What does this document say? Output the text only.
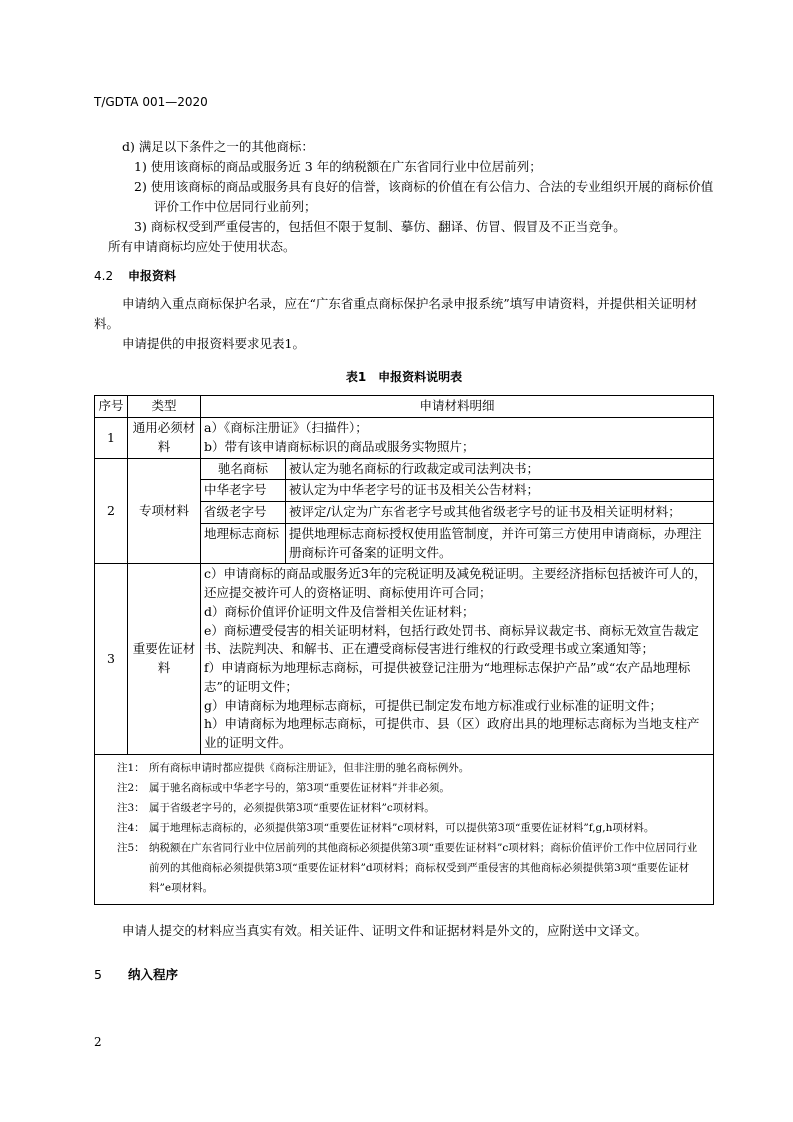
T/GDTA 001—2020

d) 满足以下条件之一的其他商标：

1) 使用该商标的商品或服务近 3 年的纳税额在广东省同行业中位居前列；

2) 使用该商标的商品或服务具有良好的信誉，该商标的价值在有公信力、合法的专业组织开展的商标价值评价工作中位居同行业前列；

3) 商标权受到严重侵害的，包括但不限于复制、摹仿、翻译、仿冒、假冒及不正当竞争。

所有申请商标均应处于使用状态。

4.2 申报资料

申请纳入重点商标保护名录，应在“广东省重点商标保护名录申报系统”填写申请资料，并提供相关证明材料。

申请提供的申报资料要求见表1。

表1　申报资料说明表
序号	类型	申请材料明细
1	通用必须材料	
a）《商标注册证》（扫描件）；
b）带有该申请商标标识的商品或服务实物照片；

2	专项材料	
驰名商标	被认定为驰名商标的行政裁定或司法判决书；
中华老字号	被认定为中华老字号的证书及相关公告材料；
省级老字号	被评定/认定为广东省老字号或其他省级老字号的证书及相关证明材料；
地理标志商标	提供地理标志商标授权使用监管制度，并许可第三方使用申请商标，办理注册商标许可备案的证明文件。

3	重要佐证材料	
c）申请商标的商品或服务近3年的完税证明及减免税证明。主要经济指标包括被许可人的，还应提交被许可人的资格证明、商标使用许可合同；
d）商标价值评价证明文件及信誉相关佐证材料；
e）商标遭受侵害的相关证明材料，包括行政处罚书、商标异议裁定书、商标无效宣告裁定书、法院判决、和解书、正在遭受商标侵害进行维权的行政受理书或立案通知等；
f）申请商标为地理标志商标，可提供被登记注册为“地理标志保护产品”或“农产品地理标志”的证明文件；
g）申请商标为地理标志商标，可提供已制定发布地方标准或行业标准的证明文件；
h）申请商标为地理标志商标，可提供市、县（区）政府出具的地理标志商标为当地支柱产业的证明文件。

注1： 所有商标申请时都应提供《商标注册证》，但非注册的驰名商标例外。
注2： 属于驰名商标或中华老字号的，第3项“重要佐证材料”并非必须。
注3： 属于省级老字号的，必须提供第3项“重要佐证材料”c项材料。
注4： 属于地理标志商标的，必须提供第3项“重要佐证材料”c项材料，可以提供第3项“重要佐证材料”f,g,h项材料。
注5： 纳税额在广东省同行业中位居前列的其他商标必须提供第3项“重要佐证材料”c项材料；商标价值评价工作中位居同行业前列的其他商标必须提供第3项“重要佐证材料”d项材料；商标权受到严重侵害的其他商标必须提供第3项“重要佐证材料”e项材料。

申请人提交的材料应当真实有效。相关证件、证明文件和证据材料是外文的，应附送中文译文。

5 纳入程序
2
